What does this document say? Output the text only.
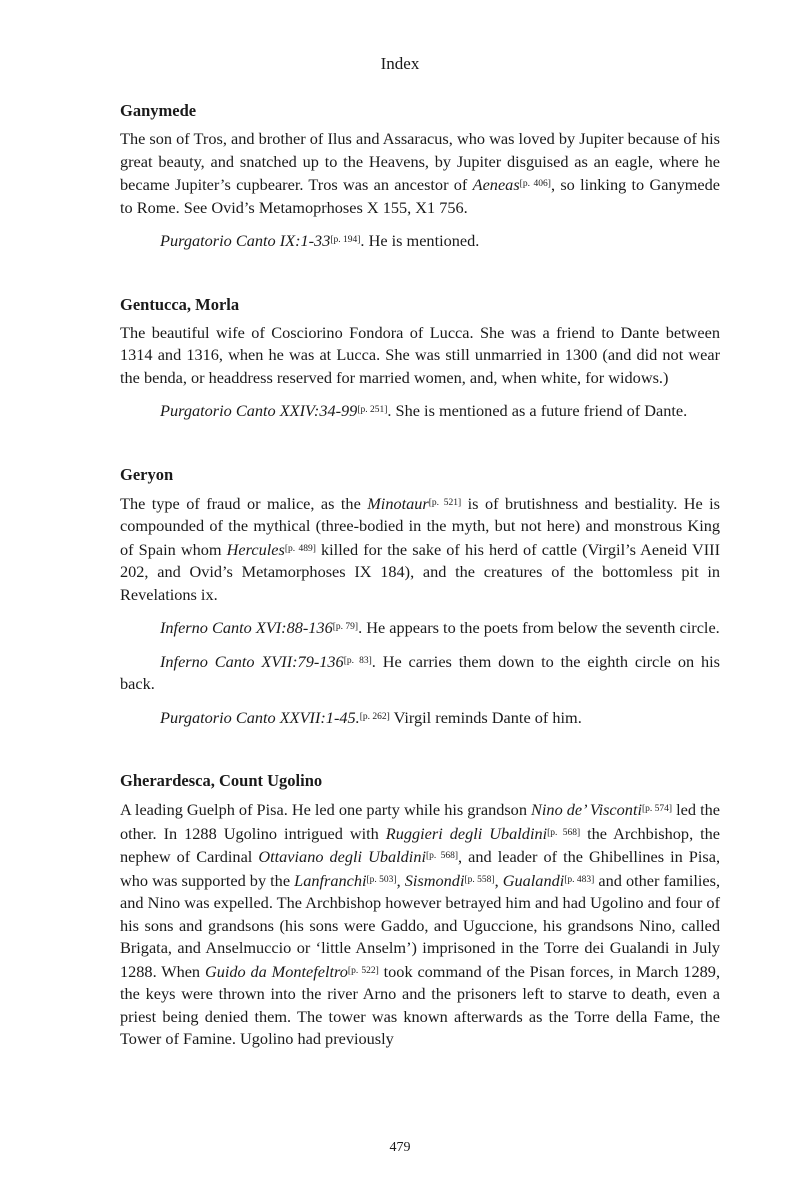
Index
Ganymede

The son of Tros, and brother of Ilus and Assaracus, who was loved by Jupiter because of his great beauty, and snatched up to the Heavens, by Jupiter disguised as an eagle, where he became Jupiter’s cupbearer. Tros was an ancestor of Aeneas[p. 406], so linking to Ganymede to Rome. See Ovid’s Metamoprhoses X 155, X1 756.

Purgatorio Canto IX:1-33[p. 194]. He is mentioned.

Gentucca, Morla

The beautiful wife of Cosciorino Fondora of Lucca. She was a friend to Dante between 1314 and 1316, when he was at Lucca. She was still unmarried in 1300 (and did not wear the benda, or headdress reserved for married women, and, when white, for widows.)

Purgatorio Canto XXIV:34-99[p. 251]. She is mentioned as a future friend of Dante.

Geryon

The type of fraud or malice, as the Minotaur[p. 521] is of brutishness and bestiality. He is compounded of the mythical (three-bodied in the myth, but not here) and monstrous King of Spain whom Hercules[p. 489] killed for the sake of his herd of cattle (Virgil’s Aeneid VIII 202, and Ovid’s Metamorphoses IX 184), and the creatures of the bottomless pit in Revelations ix.

Inferno Canto XVI:88-136[p. 79]. He appears to the poets from below the seventh circle.

Inferno Canto XVII:79-136[p. 83]. He carries them down to the eighth circle on his back.

Purgatorio Canto XXVII:1-45.[p. 262] Virgil reminds Dante of him.

Gherardesca, Count Ugolino

A leading Guelph of Pisa. He led one party while his grandson Nino de’ Visconti[p. 574] led the other. In 1288 Ugolino intrigued with Ruggieri degli Ubaldini[p. 568] the Archbishop, the nephew of Cardinal Ottaviano degli Ubaldini[p. 568], and leader of the Ghibellines in Pisa, who was supported by the Lanfranchi[p. 503], Sismondi[p. 558], Gualandi[p. 483] and other families, and Nino was expelled. The Archbishop however betrayed him and had Ugolino and four of his sons and grandsons (his sons were Gaddo, and Uguccione, his grandsons Nino, called Brigata, and Anselmuccio or ‘little Anselm’) imprisoned in the Torre dei Gualandi in July 1288. When Guido da Montefeltro[p. 522] took command of the Pisan forces, in March 1289, the keys were thrown into the river Arno and the prisoners left to starve to death, even a priest being denied them. The tower was known afterwards as the Torre della Fame, the Tower of Famine. Ugolino had previously

479
